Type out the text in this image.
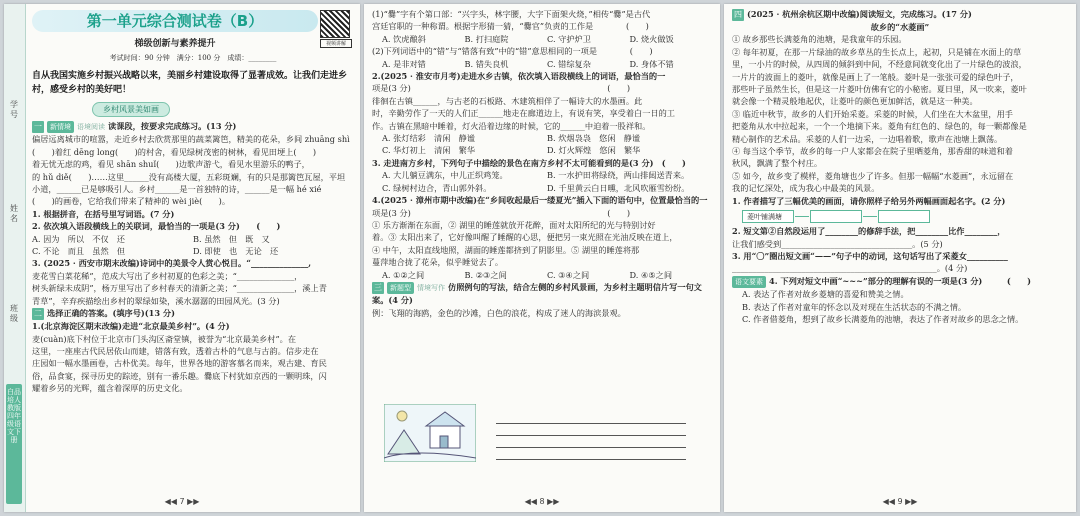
学号
姓名
班级
白品培人教版四年级语文下册
视频讲解
第一单元综合测试卷（B）
梯级创新与素养提升
考试时间：90 分钟　满分：100 分　成绩：________
自从我国实施乡村振兴战略以来，美丽乡村建设取得了显著成效。让我们走进乡村，感受乡村的美好吧！
乡村风景美如画
一 新情境 语境阅读 读课段，按要求完成练习。(13 分)
偏居远离城市的喧嚣，走近乡村去欣赏那里的蔬菜篱笆，精美的花朵，乡间 zhuāng shì
(　　)着红 dēng long(　　)的村舍，看见绿树茂密的树林，看见田埂上(　　)
着无忧无虑的鸡，看见 shān shuǐ(　　)边歌声游弋，看见水里游乐的鸭子，
的 hǔ diě(　　)……这里______没有高楼大厦，五彩斑斓，有的只是那篱笆瓦屋，平坦
小道，______已是够吸引人。乡村______是一首独特的诗，______是一幅 hé xié
(　　)的画卷，它给我们带来了精神的 wèi jiè(　　)。
1. 根据拼音，在括号里写词语。(7 分)
2. 依次填入语段横线上的关联词，最恰当的一项是(3 分)　　(　　)
A. 因为　所以　不仅　还	B. 虽然　但　既　又
C. 不论　而且　虽然　但	D. 即使　也　无论　还
3. (2025 · 西安市期末改编)诗词中的美景令人赏心悦目。“______________,
麦花雪白菜花稀”，范成大写出了乡村初夏的色彩之美；“______________，
树头新绿未成阴”，杨万里写出了乡村春天的清新之美；“______________，溪上青
青草”，辛弃疾描绘出乡村的翠绿如染，溪水潺潺的田园风光。(3 分)
二 选择正确的答案。(填序号)(13 分)
1.(北京海淀区期末改编)走进“北京最美乡村”。(4 分)
麦(cuàn)底下村位于北京市门头沟区斋堂镇，被誉为“北京最美乡村”。在
这里，一座座古代民居依山而建，错落有致，透着古朴的气息与古韵。信步走在
庄园如一幅水墨画卷，古朴优美。每年，世界各地的游客慕名而来，观古建、育民
俗，品食宴，探寻历史的踪迹，别有一番乐趣。爨底下村犹如京西的一颗明珠，闪
耀着乡另的光辉，蕴含着深厚的历史文化。
◀◀ 7 ▶▶
(1)“爨”字有个第口部：“兴字头，林字腰，大字下面架火烧，”相传“爨”是古代
宫廷官职的一种称谓。根据字形猜一猜，“爨官”负责的工作是　　　　(　　)
A. 饮虎酿斜	B. 打扫庭院	C. 守护炉卫	D. 烧火做饭
(2)下列词语中的“错”与“错落有致”中的“错”意思相同的一项是　　　　(　　)
A. 是非对错	B. 错失良机	C. 错综复杂	D. 身体不错
2.(2025 · 淮安市月考)走进水乡古镇，依次填入语段横线上的词语，最恰当的一
项是(3 分)　　　　　　　　　　　　　　　　　　　　　　　　(　　)
徘徊在古镇______，与古老的石板路、木建筑相伴了一幅诗大的水墨画。此
时，辛勤劳作了一天的人们正______地走在廊道边上，有说有笑，享受着白一日的工
作。古镇在黑暗中睡着，灯火沿着边缘的时候，它的______中迫着一股祥和。
A. 张灯结彩　清闲　静谧	B. 炊烟袅袅　悠闲　静谧
C. 华灯初上　清闲　繁华	D. 灯火辉煌　悠闲　繁华
3. 走进南方乡村，下列句子中描绘的景色在南方乡村不太可能看到的是(3 分)　(　　)
A. 大儿躺豆满东，中儿正织鸡笼。	B. 一水护田将绿绕，两山排闼送青来。
C. 绿树村边合，青山郭外斜。	D. 千里黄云白日曛，北风吹雁雪纷纷。
4.(2025 · 漳州市期中改编)在“乡间收起最后一缕夏光”插入下面的语句中，位置最恰当的一
项是(3 分)　　　　　　　　　　　　　　　　　　　　　　　　(　　)
① 乐方渐渐在东面，② 湖里的睡莲就放开花醉，面对太阳所纪的光与特别讨好
着。③ 太阳出来了，它好像叫醒了睡醒的心思，便把另一束光照在光油反映在道上，
④ 中午，太阳直线地照，湖面的睡莲都挤到了阴影里。⑤ 湖里的睡莲将那
蔓萍地合拢了花朵，似乎睡觉去了。
A. ①②之间	B. ②③之间	C. ③④之间	D. ④⑤之间
三 新题型 情境写作 仿照例句的写法，结合左侧的乡村风景画，为乡村主题明信片写一句文案。(4 分)
例：飞翔的海鸥，金色的沙滩，白色的浪花，构成了迷人的海滨景观。
◀◀ 8 ▶▶
四 (2025 · 杭州余杭区期中改编)阅读短文，完成练习。(17 分)
故乡的“水菱画”
① 故乡那些长满菱角的池塘，是我童年的乐园。
② 每年初夏，在那一片绿油的故乡草丛的生长点上，起初，只是铺在水面上的草
里，一小片的时候，从四周的倾斜到中间，不经意间就变化出了一片绿色的波浪，
一片片的波面上的菱叶，就像是画上了一笔般。菱叶是一张张可爱的绿色叶子，
那些叶子虽然生长，但是这一片菱叶仿佛有它的小秘密。夏日里，风一吹来，菱叶
就会像一个精灵般地起伏，让菱叶的颜色更加鲜活，就是这一种美。
③ 临近中秋节，故乡的人们开始采菱。采菱的时候，人们坐在大木盆里，用手
把菱角从水中拉起来，一个一个地摘下来。菱角有红色的、绿色的，每一颗都像是
精心制作的艺术品。采菱的人们一边采，一边唱着歌，歌声在池塘上飘荡。
④ 每当这个季节，故乡的每一户人家都会在院子里晒菱角，那香甜的味道和着
秋风，飘满了整个村庄。
⑤ 如今，故乡变了模样，菱角塘也少了许多。但那一幅幅“水菱画”，永远留在
我的记忆深处，成为我心中最美的风景。
1. 作者描写了三幅优美的画面，请你照样子给另外两幅画面起名字。(2 分)
菱叶铺满塘
2. 短文第②自然段运用了________的修辞手法，把________比作________，
让我们感受到________________________________。(5 分)
3. 用“〇”圈出短文画“——”句子中的动词，这句话写出了采菱女__________
__________________________________________________。(4 分)
语文要素 4. 下列对短文中画“~~~”部分的理解有误的一项是(3 分)　　　(　　)
A. 表达了作者对故乡菱塘的喜爱和赞美之情。
B. 表达了作者对童年的怀念以及对现在生活状态的不满之情。
C. 作者借菱角，想到了故乡长满菱角的池塘，表达了作者对故乡的思念之情。
◀◀ 9 ▶▶
